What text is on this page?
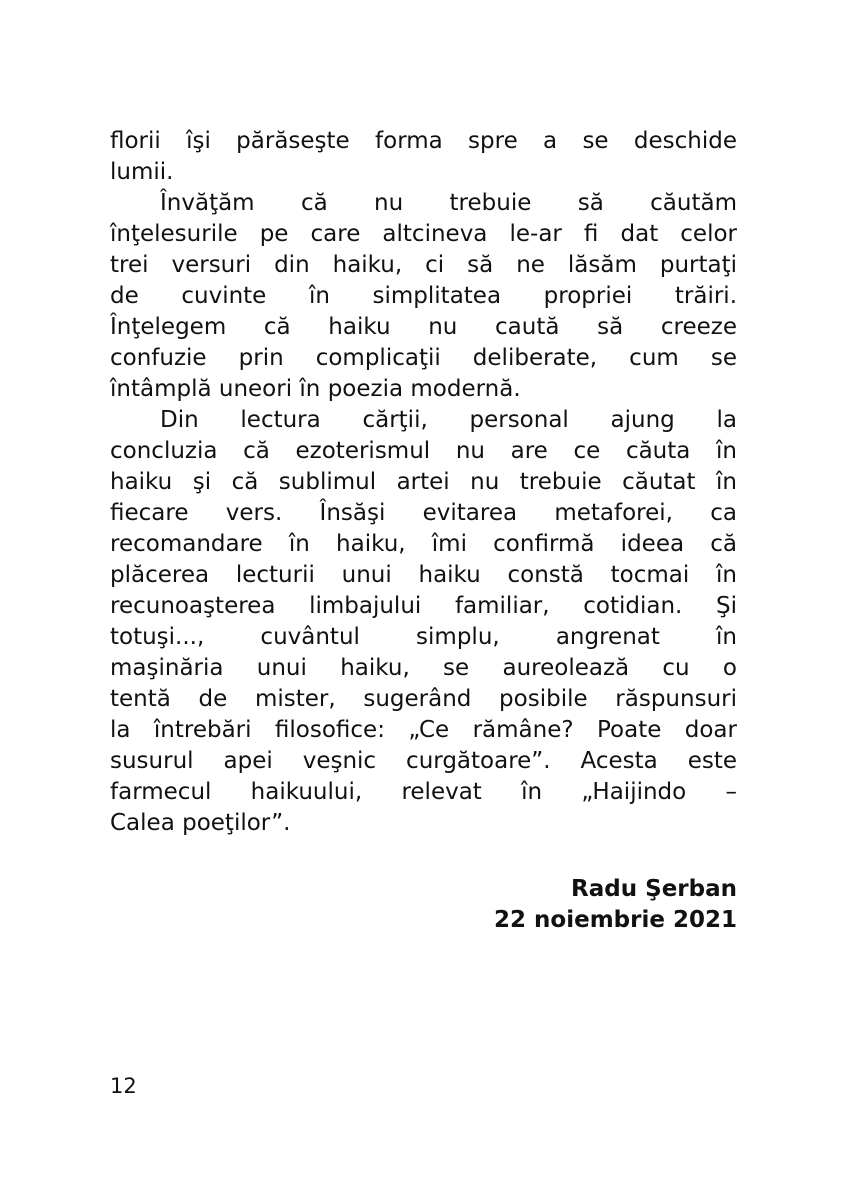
florii îşi părăseşte forma spre a se deschide
lumii.
Învăţăm că nu trebuie să căutăm
înţelesurile pe care altcineva le-ar fi dat celor
trei versuri din haiku, ci să ne lăsăm purtaţi
de cuvinte în simplitatea propriei trăiri.
Înţelegem că haiku nu caută să creeze
confuzie prin complicaţii deliberate, cum se
întâmplă uneori în poezia modernă.
Din lectura cărţii, personal ajung la
concluzia că ezoterismul nu are ce căuta în
haiku şi că sublimul artei nu trebuie căutat în
fiecare vers. Însăşi evitarea metaforei, ca
recomandare în haiku, îmi confirmă ideea că
plăcerea lecturii unui haiku constă tocmai în
recunoaşterea limbajului familiar, cotidian. Şi
totuşi..., cuvântul simplu, angrenat în
maşinăria unui haiku, se aureolează cu o
tentă de mister, sugerând posibile răspunsuri
la întrebări filosofice: „Ce rămâne? Poate doar
susurul apei veşnic curgătoare”. Acesta este
farmecul haikuului, relevat în „Haijindo –
Calea poeţilor”.
Radu Şerban
22 noiembrie 2021
12
